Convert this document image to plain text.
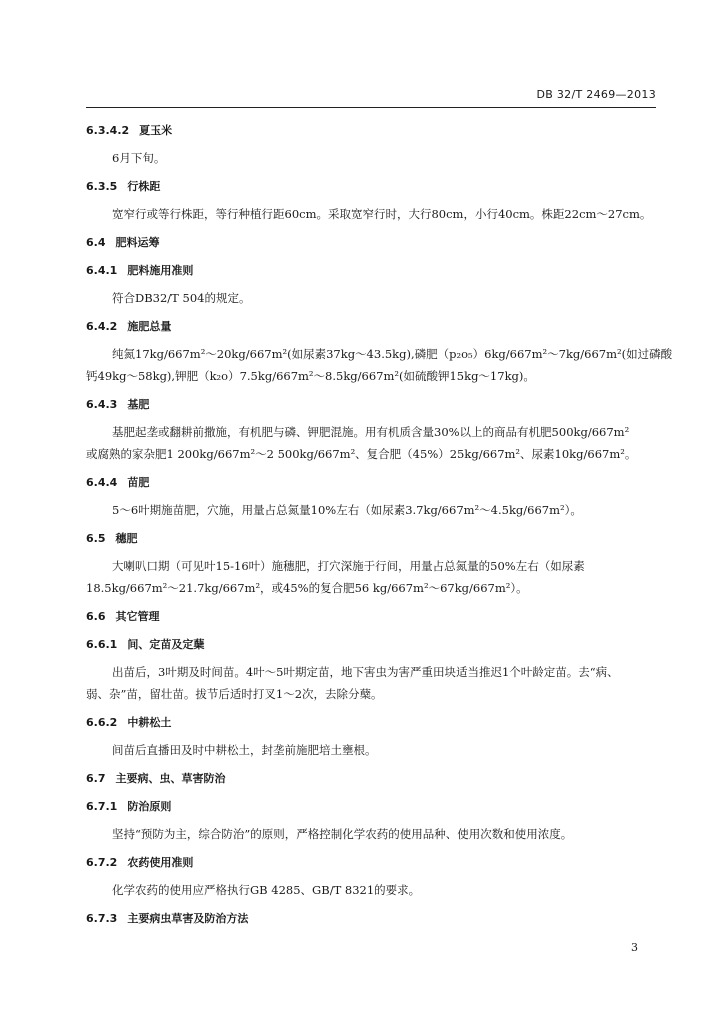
DB 32/T 2469—2013
6.3.4.2 夏玉米
6月下旬。
6.3.5 行株距
宽窄行或等行株距，等行种植行距60cm。采取宽窄行时，大行80cm，小行40cm。株距22cm～27cm。
6.4 肥料运筹
6.4.1 肥料施用准则
符合DB32/T 504的规定。
6.4.2 施肥总量
纯氮17kg/667m²～20kg/667m²(如尿素37kg～43.5kg),磷肥（p₂o₅）6kg/667m²～7kg/667m²(如过磷酸
钙49kg～58kg),钾肥（k₂o）7.5kg/667m²～8.5kg/667m²(如硫酸钾15kg～17kg)。
6.4.3 基肥
基肥起垄或翻耕前撒施，有机肥与磷、钾肥混施。用有机质含量30%以上的商品有机肥500kg/667m²
或腐熟的家杂肥1 200kg/667m²～2 500kg/667m²、复合肥（45%）25kg/667m²、尿素10kg/667m²。
6.4.4 苗肥
5～6叶期施苗肥，穴施，用量占总氮量10%左右（如尿素3.7kg/667m²～4.5kg/667m²）。
6.5 穗肥
大喇叭口期（可见叶15-16叶）施穗肥，打穴深施于行间，用量占总氮量的50%左右（如尿素
18.5kg/667m²～21.7kg/667m²，或45%的复合肥56 kg/667m²～67kg/667m²）。
6.6 其它管理
6.6.1 间、定苗及定蘖
出苗后，3叶期及时间苗。4叶～5叶期定苗，地下害虫为害严重田块适当推迟1个叶龄定苗。去“病、
弱、杂”苗，留壮苗。拔节后适时打叉1～2次，去除分蘖。
6.6.2 中耕松土
间苗后直播田及时中耕松土，封垄前施肥培土壅根。
6.7 主要病、虫、草害防治
6.7.1 防治原则
坚持“预防为主，综合防治”的原则，严格控制化学农药的使用品种、使用次数和使用浓度。
6.7.2 农药使用准则
化学农药的使用应严格执行GB 4285、GB/T 8321的要求。
6.7.3 主要病虫草害及防治方法
3
